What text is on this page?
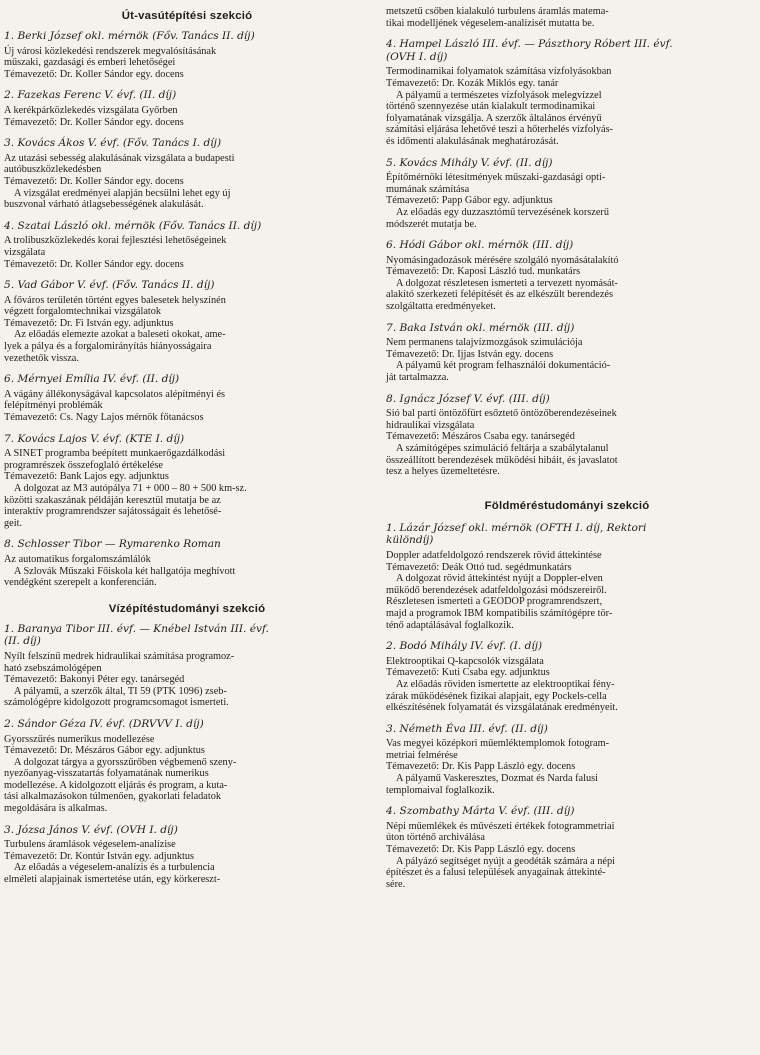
Út-vasútépítési szekció
1. Berki József okl. mérnök (Főv. Tanács II. díj)
Új városi közlekedési rendszerek megvalósításának
műszaki, gazdasági és emberi lehetőségei
Témavezető: Dr. Koller Sándor egy. docens
2. Fazekas Ferenc V. évf. (II. díj)
A kerékpárközlekedés vizsgálata Győrben
Témavezető: Dr. Koller Sándor egy. docens
3. Kovács Ákos V. évf. (Főv. Tanács I. díj)
Az utazási sebesség alakulásának vizsgálata a budapesti
autóbuszközlekedésben
Témavezető: Dr. Koller Sándor egy. docens
A vizsgálat eredményei alapján becsülni lehet egy új
buszvonal várható átlagsebességének alakulását.
4. Szatai László okl. mérnök (Főv. Tanács II. díj)
A trolibuszközlekedés korai fejlesztési lehetőségeinek
vizsgálata
Témavezető: Dr. Koller Sándor egy. docens
5. Vad Gábor V. évf. (Főv. Tanács II. díj)
A főváros területén történt egyes balesetek helyszínén
végzett forgalomtechnikai vizsgálatok
Témavezető: Dr. Fi István egy. adjunktus
Az előadás elemezte azokat a baleseti okokat, ame-
lyek a pálya és a forgalomirányítás hiányosságaira
vezethetők vissza.
6. Mérnyei Emília IV. évf. (II. díj)
A vágány állékonyságával kapcsolatos alépítményi és
felépítményi problémák
Témavezető: Cs. Nagy Lajos mérnök főtanácsos
7. Kovács Lajos V. évf. (KTE I. díj)
A SINET programba beépített munkaerőgazdálkodási
programrészek összefoglaló értékelése
Témavezető: Bank Lajos egy. adjunktus
A dolgozat az M3 autópálya 71 + 000 – 80 + 500 km-sz.
közötti szakaszának példáján keresztül mutatja be az
interaktív programrendszer sajátosságait és lehetősé-
geit.
8. Schlosser Tibor — Rymarenko Roman
Az automatikus forgalomszámlálók
A Szlovák Műszaki Főiskola két hallgatója meghívott
vendégként szerepelt a konferencián.
Vízépítéstudományi szekció
1. Baranya Tibor III. évf. — Knébel István III. évf.
(II. díj)
Nyílt felszínű medrek hidraulikai számítása programoz-
ható zsebszámológépen
Témavezető: Bakonyi Péter egy. tanársegéd
A pályamű, a szerzők által, TI 59 (PTK 1096) zseb-
számológépre kidolgozott programcsomagot ismerteti.
2. Sándor Géza IV. évf. (DRVVV I. díj)
Gyorsszűrés numerikus modellezése
Témavezető: Dr. Mészáros Gábor egy. adjunktus
A dolgozat tárgya a gyorsszűrőben végbemenő szeny-
nyezőanyag-visszatartás folyamatának numerikus
modellezése. A kidolgozott eljárás és program, a kuta-
tási alkalmazásokon túlmenően, gyakorlati feladatok
megoldására is alkalmas.
3. Józsa János V. évf. (OVH I. díj)
Turbulens áramlások végeselem-analízise
Témavezető: Dr. Kontúr István egy. adjunktus
Az előadás a végeselem-analízis és a turbulencia
elméleti alapjainak ismertetése után, egy körkereszt-
metszetű csőben kialakuló turbulens áramlás matema-
tikai modelljének végeselem-analízisét mutatta be.
4. Hampel László III. évf. — Pászthory Róbert III. évf.
(OVH I. díj)
Termodinamikai folyamatok számítása vízfolyásokban
Témavezető: Dr. Kozák Miklós egy. tanár
A pályamű a természetes vízfolyások melegvízzel
történő szennyezése után kialakult termodinamikai
folyamatának vizsgálja. A szerzők általános érvényű
számítási eljárása lehetővé teszi a hőterhelés vízfolyás-
és időmenti alakulásának meghatározását.
5. Kovács Mihály V. évf. (II. díj)
Építőmérnöki létesítmények műszaki-gazdasági opti-
mumának számítása
Témavezető: Papp Gábor egy. adjunktus
Az előadás egy duzzasztómű tervezésének korszerű
módszerét mutatja be.
6. Hódi Gábor okl. mérnök (III. díj)
Nyomásingadozások mérésére szolgáló nyomásátalakító
Témavezető: Dr. Kaposi László tud. munkatárs
A dolgozat részletesen ismerteti a tervezett nyomását-
alakító szerkezeti felépítését és az elkészült berendezés
szolgáltatta eredményeket.
7. Baka István okl. mérnök (III. díj)
Nem permanens talajvízmozgások szimulációja
Témavezető: Dr. Ijjas István egy. docens
A pályamű két program felhasználói dokumentáció-
ját tartalmazza.
8. Ignácz József V. évf. (III. díj)
Sió bal parti öntözőfürt esőztető öntözőberendezéseinek
hidraulikai vizsgálata
Témavezető: Mészáros Csaba egy. tanársegéd
A számítógépes szimuláció feltárja a szabálytalanul
összeállított berendezések működési hibáit, és javaslatot
tesz a helyes üzemeltetésre.
Földméréstudományi szekció
1. Lázár József okl. mérnök (OFTH I. díj, Rektori
különdíj)
Doppler adatfeldolgozó rendszerek rövid áttekintése
Témavezető: Deák Ottó tud. segédmunkatárs
A dolgozat rövid áttekintést nyújt a Doppler-elven
működő berendezések adatfeldolgozási módszereiről.
Részletesen ismerteti a GEODOP programrendszert,
majd a programok IBM kompatibilis számítógépre tör-
ténő adaptálásával foglalkozik.
2. Bodó Mihály IV. évf. (I. díj)
Elektrooptikai Q-kapcsolók vizsgálata
Témavezető: Kuti Csaba egy. adjunktus
Az előadás röviden ismertette az elektrooptikai fény-
zárak működésének fizikai alapjait, egy Pockels-cella
elkészítésének folyamatát és vizsgálatának eredményeit.
3. Németh Éva III. évf. (II. díj)
Vas megyei középkori műemléktemplomok fotogram-
metriai felmérése
Témavezető: Dr. Kis Papp László egy. docens
A pályamű Vaskeresztes, Dozmat és Narda falusi
templomaival foglalkozik.
4. Szombathy Márta V. évf. (III. díj)
Népi műemlékek és művészeti értékek fotogrammetriai
úton történő archiválása
Témavezető: Dr. Kis Papp László egy. docens
A pályázó segítséget nyújt a geodéták számára a népi
építészet és a falusi települések anyagainak áttekinté-
sére.
